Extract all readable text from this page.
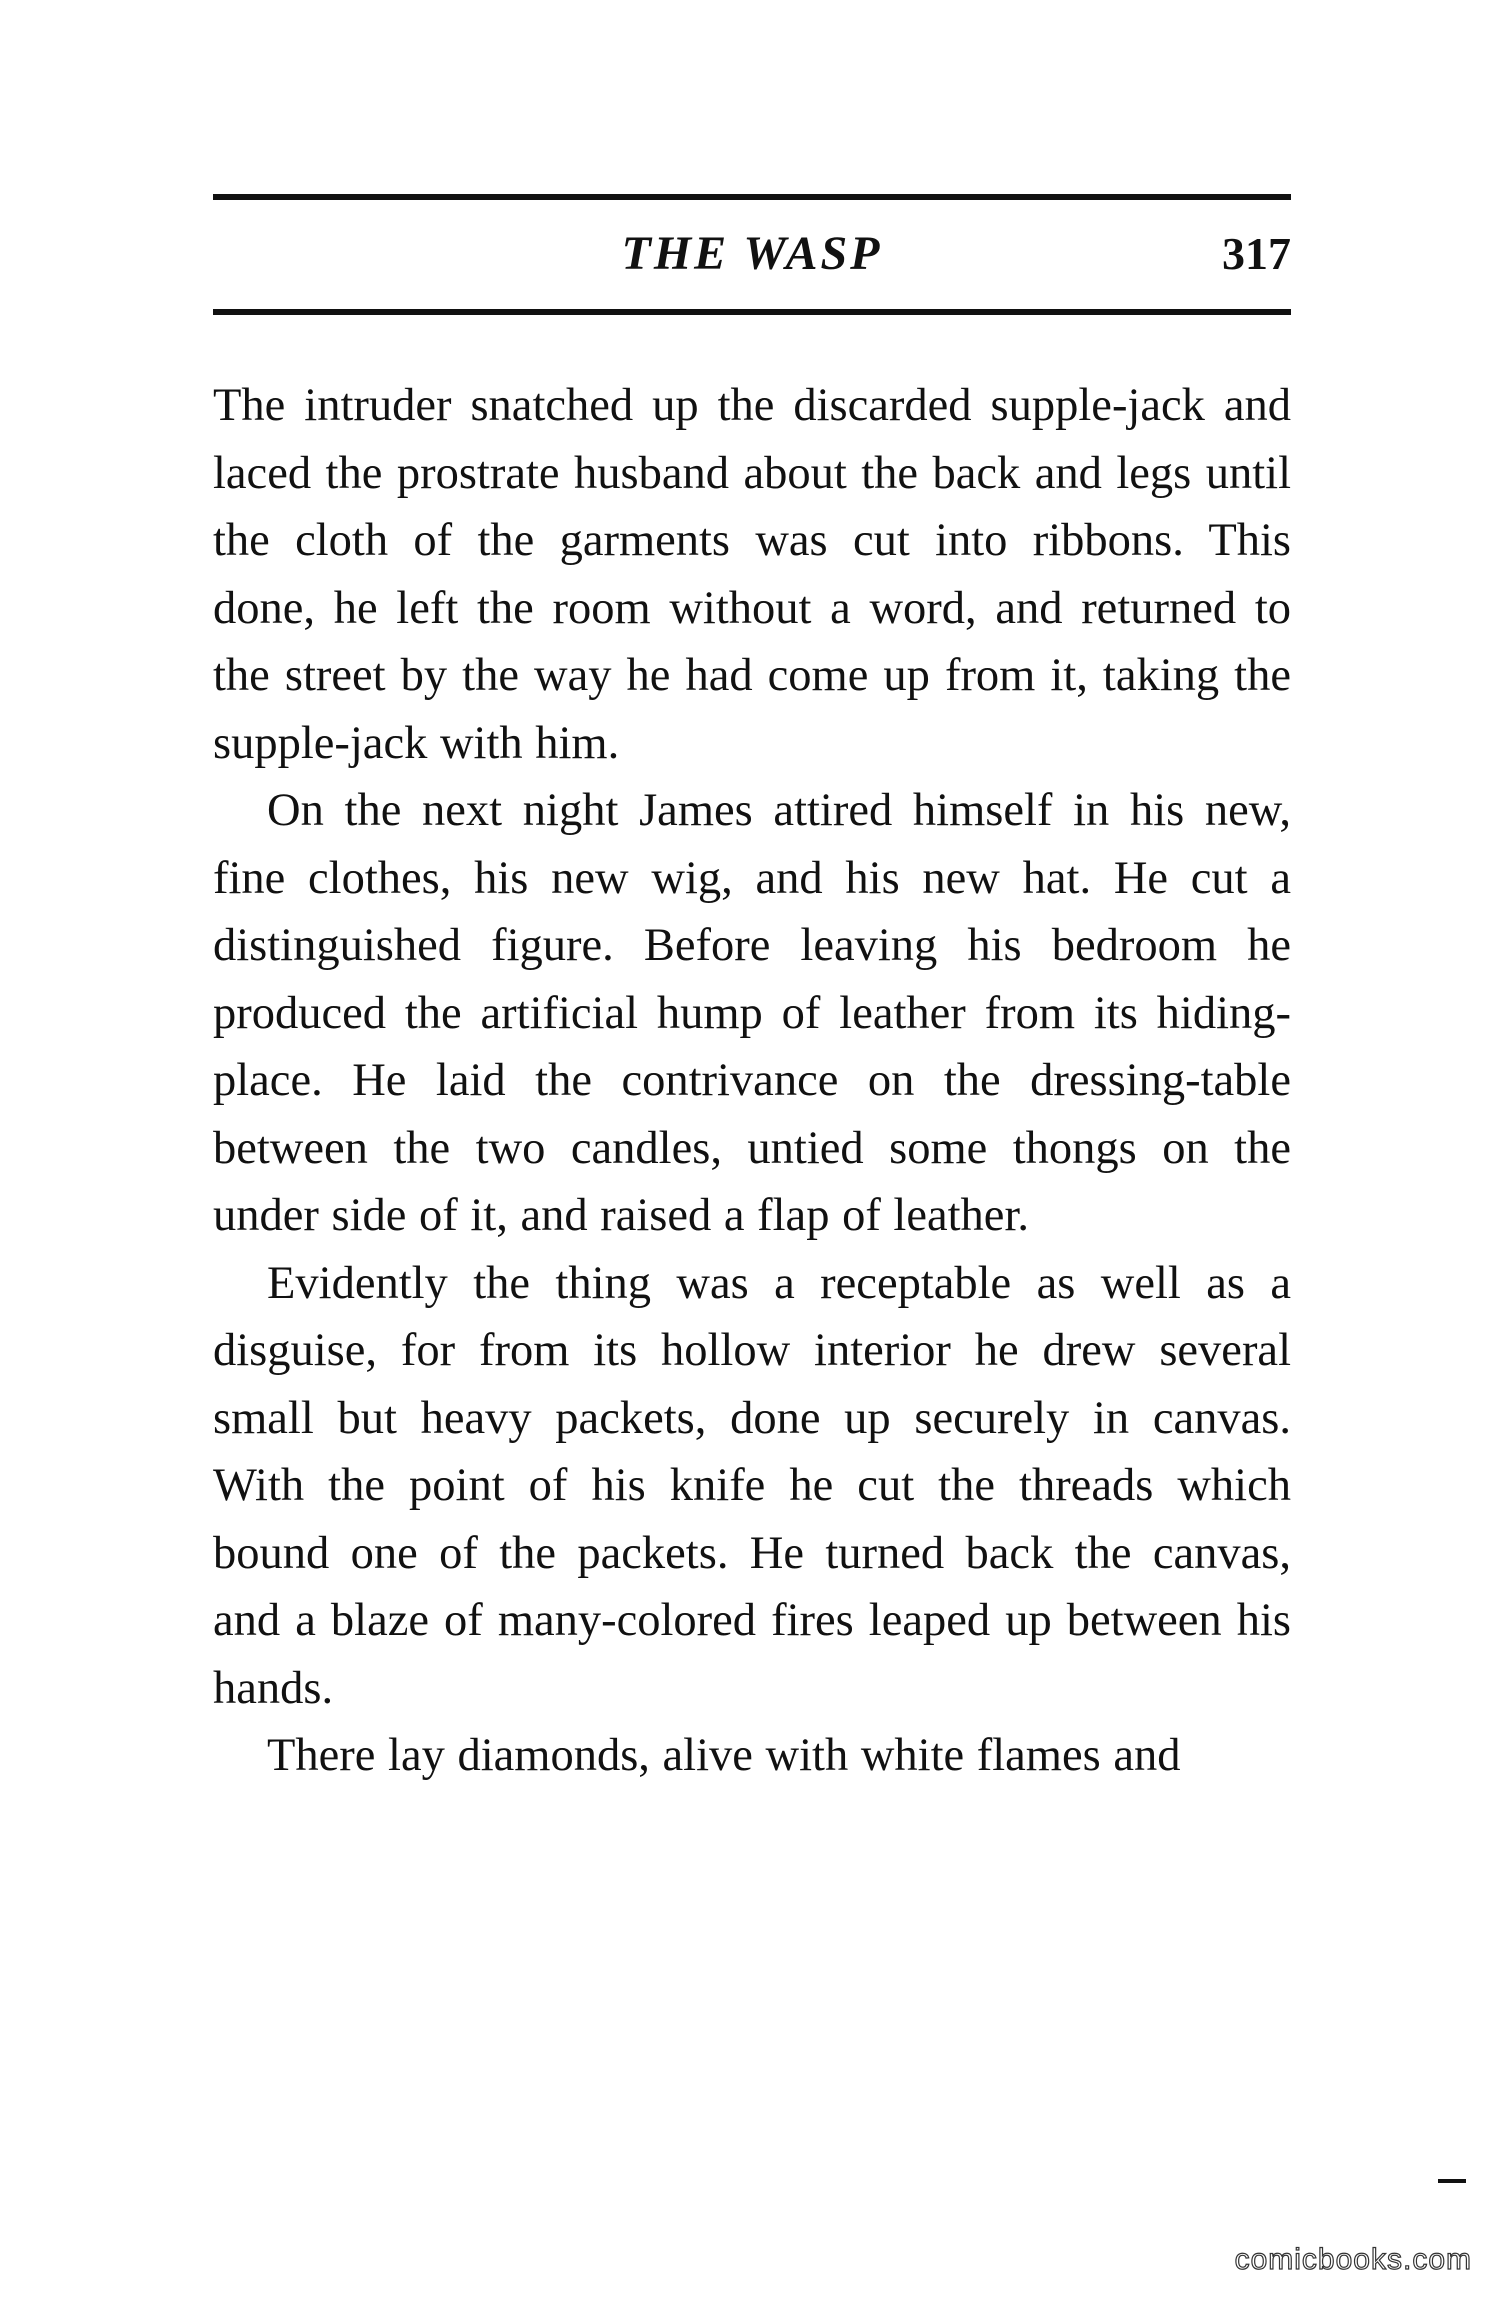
THE WASP	317

The intruder snatched up the discarded supple-jack and laced the prostrate husband about the back and legs until the cloth of the garments was cut into ribbons. This done, he left the room without a word, and returned to the street by the way he had come up from it, taking the supple-jack with him.

On the next night James attired himself in his new, fine clothes, his new wig, and his new hat. He cut a distinguished figure. Before leaving his bedroom he produced the artificial hump of leather from its hiding-place. He laid the contrivance on the dressing-table between the two candles, untied some thongs on the under side of it, and raised a flap of leather.

Evidently the thing was a receptable as well as a disguise, for from its hollow interior he drew several small but heavy packets, done up securely in canvas. With the point of his knife he cut the threads which bound one of the packets. He turned back the canvas, and a blaze of many-colored fires leaped up between his hands.

There lay diamonds, alive with white flames and

comicbooks.com
